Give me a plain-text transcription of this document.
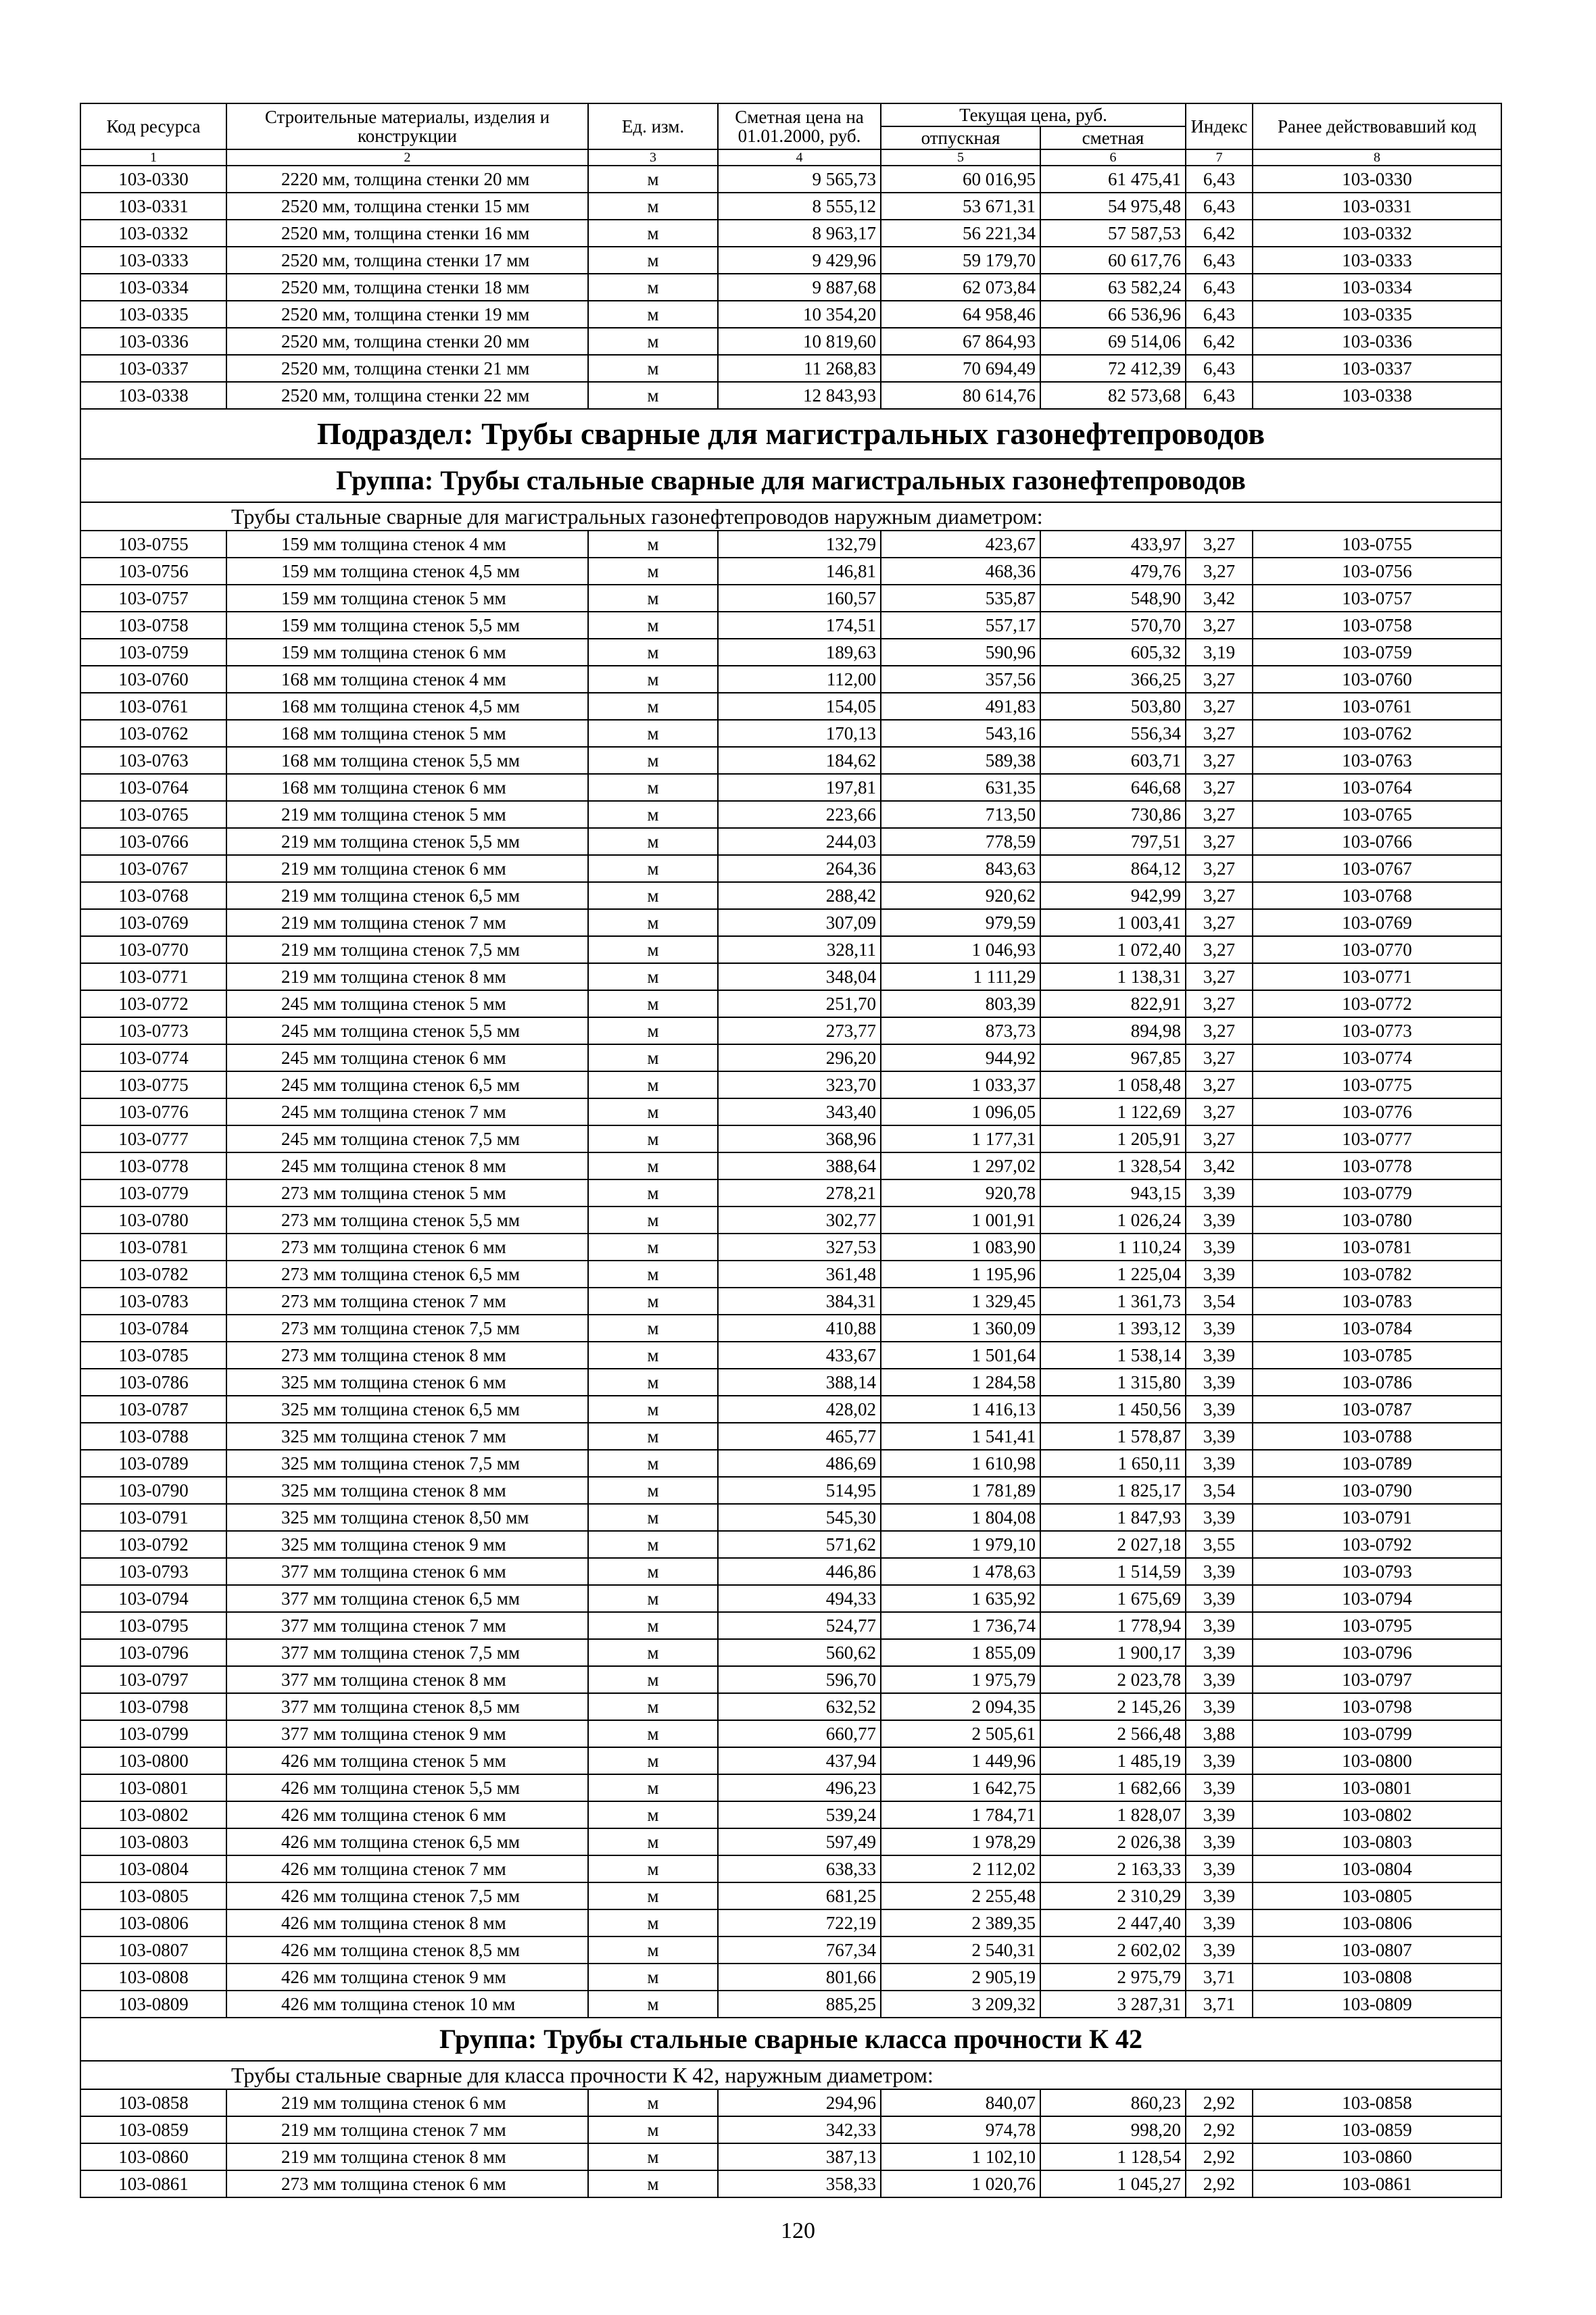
Код ресурса	Строительные материалы, изделия и конструкции	Ед. изм.	Сметная цена на 01.01.2000, руб.	Текущая цена, руб.		Индекс	Ранее действовавший код
				отпускная	сметная		
1	2	3	4	5	6	7	8
103-0330	2220 мм, толщина стенки 20 мм	м	9 565,73	60 016,95	61 475,41	6,43	103-0330
103-0331	2520 мм, толщина стенки 15 мм	м	8 555,12	53 671,31	54 975,48	6,43	103-0331
103-0332	2520 мм, толщина стенки 16 мм	м	8 963,17	56 221,34	57 587,53	6,42	103-0332
103-0333	2520 мм, толщина стенки 17 мм	м	9 429,96	59 179,70	60 617,76	6,43	103-0333
103-0334	2520 мм, толщина стенки 18 мм	м	9 887,68	62 073,84	63 582,24	6,43	103-0334
103-0335	2520 мм, толщина стенки 19 мм	м	10 354,20	64 958,46	66 536,96	6,43	103-0335
103-0336	2520 мм, толщина стенки 20 мм	м	10 819,60	67 864,93	69 514,06	6,42	103-0336
103-0337	2520 мм, толщина стенки 21 мм	м	11 268,83	70 694,49	72 412,39	6,43	103-0337
103-0338	2520 мм, толщина стенки 22 мм	м	12 843,93	80 614,76	82 573,68	6,43	103-0338
Подраздел: Трубы сварные для магистральных газонефтепроводов							
Группа: Трубы стальные сварные для магистральных газонефтепроводов							
Трубы стальные сварные для магистральных газонефтепроводов наружным диаметром:							
103-0755	159 мм толщина стенок 4 мм	м	132,79	423,67	433,97	3,27	103-0755
103-0756	159 мм толщина стенок 4,5 мм	м	146,81	468,36	479,76	3,27	103-0756
103-0757	159 мм толщина стенок 5 мм	м	160,57	535,87	548,90	3,42	103-0757
103-0758	159 мм толщина стенок 5,5 мм	м	174,51	557,17	570,70	3,27	103-0758
103-0759	159 мм толщина стенок 6 мм	м	189,63	590,96	605,32	3,19	103-0759
103-0760	168 мм толщина стенок 4 мм	м	112,00	357,56	366,25	3,27	103-0760
103-0761	168 мм толщина стенок 4,5 мм	м	154,05	491,83	503,80	3,27	103-0761
103-0762	168 мм толщина стенок 5 мм	м	170,13	543,16	556,34	3,27	103-0762
103-0763	168 мм толщина стенок 5,5 мм	м	184,62	589,38	603,71	3,27	103-0763
103-0764	168 мм толщина стенок 6 мм	м	197,81	631,35	646,68	3,27	103-0764
103-0765	219 мм толщина стенок 5 мм	м	223,66	713,50	730,86	3,27	103-0765
103-0766	219 мм толщина стенок 5,5 мм	м	244,03	778,59	797,51	3,27	103-0766
103-0767	219 мм толщина стенок 6 мм	м	264,36	843,63	864,12	3,27	103-0767
103-0768	219 мм толщина стенок 6,5 мм	м	288,42	920,62	942,99	3,27	103-0768
103-0769	219 мм толщина стенок 7 мм	м	307,09	979,59	1 003,41	3,27	103-0769
103-0770	219 мм толщина стенок 7,5 мм	м	328,11	1 046,93	1 072,40	3,27	103-0770
103-0771	219 мм толщина стенок 8 мм	м	348,04	1 111,29	1 138,31	3,27	103-0771
103-0772	245 мм толщина стенок 5 мм	м	251,70	803,39	822,91	3,27	103-0772
103-0773	245 мм толщина стенок 5,5 мм	м	273,77	873,73	894,98	3,27	103-0773
103-0774	245 мм толщина стенок 6 мм	м	296,20	944,92	967,85	3,27	103-0774
103-0775	245 мм толщина стенок 6,5 мм	м	323,70	1 033,37	1 058,48	3,27	103-0775
103-0776	245 мм толщина стенок 7 мм	м	343,40	1 096,05	1 122,69	3,27	103-0776
103-0777	245 мм толщина стенок 7,5 мм	м	368,96	1 177,31	1 205,91	3,27	103-0777
103-0778	245 мм толщина стенок 8 мм	м	388,64	1 297,02	1 328,54	3,42	103-0778
103-0779	273 мм толщина стенок 5 мм	м	278,21	920,78	943,15	3,39	103-0779
103-0780	273 мм толщина стенок 5,5 мм	м	302,77	1 001,91	1 026,24	3,39	103-0780
103-0781	273 мм толщина стенок 6 мм	м	327,53	1 083,90	1 110,24	3,39	103-0781
103-0782	273 мм толщина стенок 6,5 мм	м	361,48	1 195,96	1 225,04	3,39	103-0782
103-0783	273 мм толщина стенок 7 мм	м	384,31	1 329,45	1 361,73	3,54	103-0783
103-0784	273 мм толщина стенок 7,5 мм	м	410,88	1 360,09	1 393,12	3,39	103-0784
103-0785	273 мм толщина стенок 8 мм	м	433,67	1 501,64	1 538,14	3,39	103-0785
103-0786	325 мм толщина стенок 6 мм	м	388,14	1 284,58	1 315,80	3,39	103-0786
103-0787	325 мм толщина стенок 6,5 мм	м	428,02	1 416,13	1 450,56	3,39	103-0787
103-0788	325 мм толщина стенок 7 мм	м	465,77	1 541,41	1 578,87	3,39	103-0788
103-0789	325 мм толщина стенок 7,5 мм	м	486,69	1 610,98	1 650,11	3,39	103-0789
103-0790	325 мм толщина стенок 8 мм	м	514,95	1 781,89	1 825,17	3,54	103-0790
103-0791	325 мм толщина стенок 8,50 мм	м	545,30	1 804,08	1 847,93	3,39	103-0791
103-0792	325 мм толщина стенок 9 мм	м	571,62	1 979,10	2 027,18	3,55	103-0792
103-0793	377 мм толщина стенок 6 мм	м	446,86	1 478,63	1 514,59	3,39	103-0793
103-0794	377 мм толщина стенок 6,5 мм	м	494,33	1 635,92	1 675,69	3,39	103-0794
103-0795	377 мм толщина стенок 7 мм	м	524,77	1 736,74	1 778,94	3,39	103-0795
103-0796	377 мм толщина стенок 7,5 мм	м	560,62	1 855,09	1 900,17	3,39	103-0796
103-0797	377 мм толщина стенок 8 мм	м	596,70	1 975,79	2 023,78	3,39	103-0797
103-0798	377 мм толщина стенок 8,5 мм	м	632,52	2 094,35	2 145,26	3,39	103-0798
103-0799	377 мм толщина стенок 9 мм	м	660,77	2 505,61	2 566,48	3,88	103-0799
103-0800	426 мм толщина стенок 5 мм	м	437,94	1 449,96	1 485,19	3,39	103-0800
103-0801	426 мм толщина стенок 5,5 мм	м	496,23	1 642,75	1 682,66	3,39	103-0801
103-0802	426 мм толщина стенок 6 мм	м	539,24	1 784,71	1 828,07	3,39	103-0802
103-0803	426 мм толщина стенок 6,5 мм	м	597,49	1 978,29	2 026,38	3,39	103-0803
103-0804	426 мм толщина стенок 7 мм	м	638,33	2 112,02	2 163,33	3,39	103-0804
103-0805	426 мм толщина стенок 7,5 мм	м	681,25	2 255,48	2 310,29	3,39	103-0805
103-0806	426 мм толщина стенок 8 мм	м	722,19	2 389,35	2 447,40	3,39	103-0806
103-0807	426 мм толщина стенок 8,5 мм	м	767,34	2 540,31	2 602,02	3,39	103-0807
103-0808	426 мм толщина стенок 9 мм	м	801,66	2 905,19	2 975,79	3,71	103-0808
103-0809	426 мм толщина стенок 10 мм	м	885,25	3 209,32	3 287,31	3,71	103-0809
Группа: Трубы стальные сварные класса прочности К 42							
Трубы стальные сварные для класса прочности К 42, наружным диаметром:							
103-0858	219 мм толщина стенок 6 мм	м	294,96	840,07	860,23	2,92	103-0858
103-0859	219 мм толщина стенок 7 мм	м	342,33	974,78	998,20	2,92	103-0859
103-0860	219 мм толщина стенок 8 мм	м	387,13	1 102,10	1 128,54	2,92	103-0860
103-0861	273 мм толщина стенок 6 мм	м	358,33	1 020,76	1 045,27	2,92	103-0861
120
